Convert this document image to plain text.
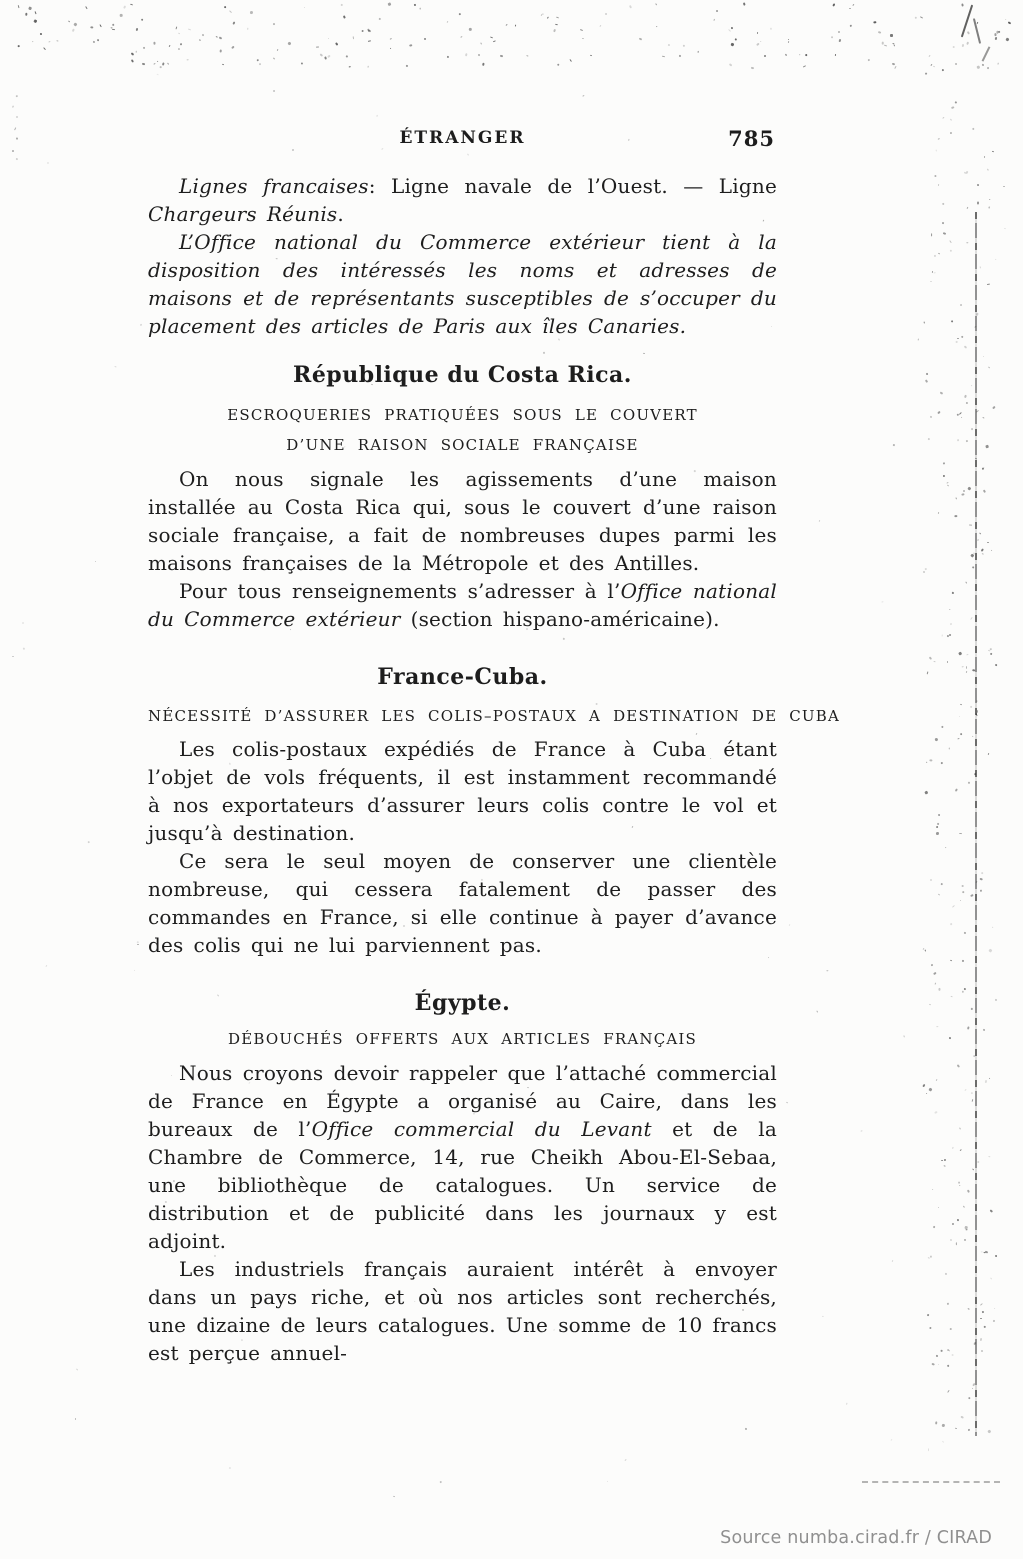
ÉTRANGER	785

Lignes francaises: Ligne navale de l’Ouest. — Ligne Chargeurs Réunis.

L’Office national du Commerce extérieur tient à la disposition des intéressés les noms et adresses de maisons et de représentants susceptibles de s’occuper du placement des articles de Paris aux îles Canaries.

République du Costa Rica.
ESCROQUERIES PRATIQUÉES SOUS LE COUVERT
D’UNE RAISON SOCIALE FRANÇAISE

On nous signale les agissements d’une maison installée au Costa Rica qui, sous le couvert d’une raison sociale française, a fait de nombreuses dupes parmi les maisons françaises de la Métropole et des Antilles.

Pour tous renseignements s’adresser à l’Office national du Commerce extérieur (section hispano-américaine).

France-Cuba.
NÉCESSITÉ D’ASSURER LES COLIS–POSTAUX A DESTINATION DE CUBA

Les colis-postaux expédiés de France à Cuba étant l’objet de vols fréquents, il est instamment recommandé à nos exportateurs d’assurer leurs colis contre le vol et jusqu’à destination.

Ce sera le seul moyen de conserver une clientèle nombreuse, qui cessera fatalement de passer des commandes en France, si elle continue à payer d’avance des colis qui ne lui parviennent pas.

Égypte.
DÉBOUCHÉS OFFERTS AUX ARTICLES FRANÇAIS

Nous croyons devoir rappeler que l’attaché commercial de France en Égypte a organisé au Caire, dans les bureaux de l’Office commercial du Levant et de la Chambre de Commerce, 14, rue Cheikh Abou-El-Sebaa, une bibliothèque de catalogues. Un service de distribution et de publicité dans les journaux y est adjoint.

Les industriels français auraient intérêt à envoyer dans un pays riche, et où nos articles sont recherchés, une dizaine de leurs catalogues. Une somme de 10 francs est perçue annuel-

Source numba.cirad.fr / CIRAD
